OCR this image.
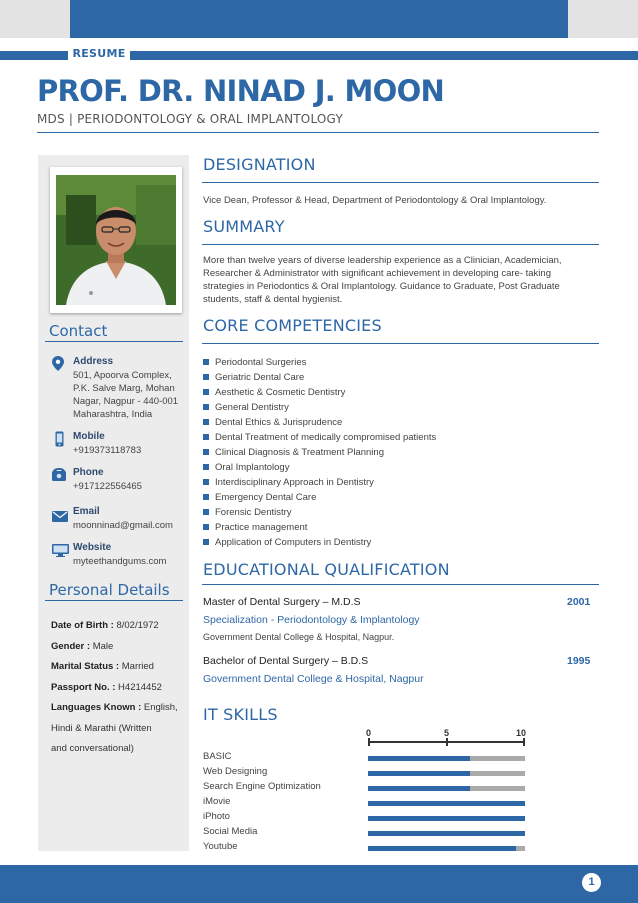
RESUME
PROF. DR. NINAD J. MOON
MDS | PERIODONTOLOGY & ORAL IMPLANTOLOGY
Contact
Address
501, Apoorva Complex,
P.K. Salve Marg, Mohan
Nagar, Nagpur - 440-001
Maharashtra, India
Mobile
+919373118783
Phone
+917122556465
Email
moonninad@gmail.com
Website
myteethandgums.com
Personal Details
Date of Birth : 8/02/1972
Gender : Male
Marital Status : Married
Passport No. : H4214452
Languages Known : English,
Hindi & Marathi (Written
and conversational)
DESIGNATION
Vice Dean, Professor & Head, Department of Periodontology & Oral Implantology.
SUMMARY
More than twelve years of diverse leadership experience as a Clinician, Academician,
Researcher & Administrator with significant achievement in developing care- taking
strategies in Periodontics & Oral Implantology. Guidance to Graduate, Post Graduate
students, staff & dental hygienist.
CORE COMPETENCIES
Periodontal Surgeries
Geriatric Dental Care
Aesthetic & Cosmetic Dentistry
General Dentistry
Dental Ethics & Jurisprudence
Dental Treatment of medically compromised patients
Clinical Diagnosis & Treatment Planning
Oral Implantology
Interdisciplinary Approach in Dentistry
Emergency Dental Care
Forensic Dentistry
Practice management
Application of Computers in Dentistry
EDUCATIONAL QUALIFICATION
Master of Dental Surgery – M.D.S	2001
Specialization - Periodontology & Implantology
Government Dental College & Hospital, Nagpur.
Bachelor of Dental Surgery – B.D.S	1995
Government Dental College & Hospital, Nagpur
IT SKILLS
0	5	10
BASIC
Web Designing
Search Engine Optimization
iMovie
iPhoto
Social Media
Youtube
1
